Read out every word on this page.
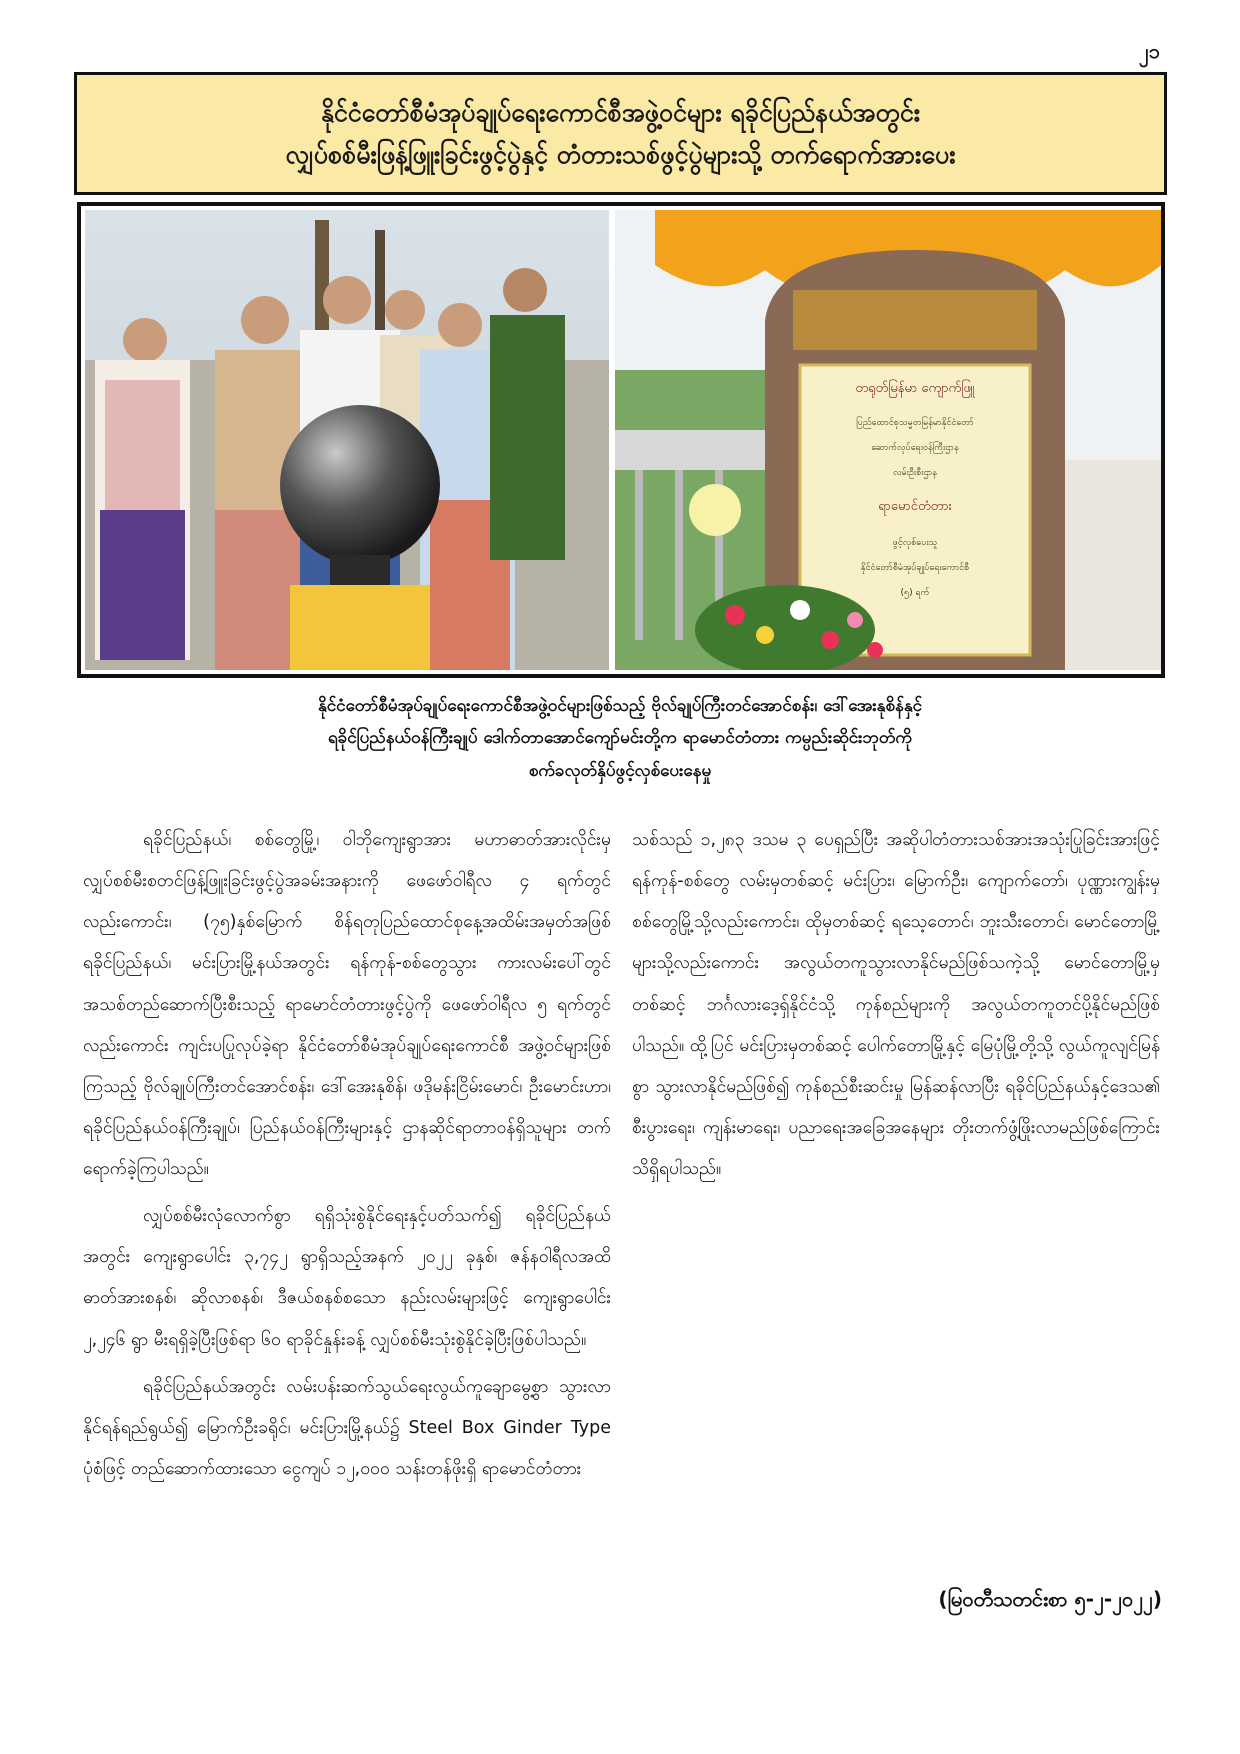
၂၁
နိုင်ငံတော်စီမံအုပ်ချုပ်ရေးကောင်စီအဖွဲ့ဝင်များ ရခိုင်ပြည်နယ်အတွင်း
လျှပ်စစ်မီးဖြန့်ဖြူးခြင်းဖွင့်ပွဲနှင့် တံတားသစ်ဖွင့်ပွဲများသို့ တက်ရောက်အားပေး
တရုတ်မြန်မာ ကျောက်ဖြူ
ပြည်ထောင်စုသမ္မတမြန်မာနိုင်ငံတော်
ဆောက်လုပ်ရေးဝန်ကြီးဌာန
လမ်းဦးစီးဌာန
ရာမောင်တံတား
ဖွင့်လှစ်ပေးသူ
နိုင်ငံတော်စီမံအုပ်ချုပ်ရေးကောင်စီ
(၅) ရက်
နိုင်ငံတော်စီမံအုပ်ချုပ်ရေးကောင်စီအဖွဲ့ဝင်များဖြစ်သည့် ဗိုလ်ချုပ်ကြီးတင်အောင်စန်း၊ ဒေါ်အေးနုစိန်နှင့်
ရခိုင်ပြည်နယ်ဝန်ကြီးချုပ် ဒေါက်တာအောင်ကျော်မင်းတို့က ရာမောင်တံတား ကမ္ပည်းဆိုင်းဘုတ်ကို
စက်ခလုတ်နှိပ်ဖွင့်လှစ်ပေးနေမှု

ရခိုင်ပြည်နယ်၊ စစ်တွေမြို့၊ ဝါဘိုကျေးရွာအား မဟာဓာတ်အားလိုင်းမှ လျှပ်စစ်မီးစတင်ဖြန့်ဖြူးခြင်းဖွင့်ပွဲအခမ်းအနားကို ဖေဖော်ဝါရီလ ၄ ရက်တွင်လည်းကောင်း၊ (၇၅)နှစ်မြောက် စိန်ရတုပြည်ထောင်စုနေ့အထိမ်းအမှတ်အဖြစ် ရခိုင်ပြည်နယ်၊ မင်းပြားမြို့နယ်အတွင်း ရန်ကုန်-စစ်တွေသွား ကားလမ်းပေါ်တွင် အသစ်တည်ဆောက်ပြီးစီးသည့် ရာမောင်တံတားဖွင့်ပွဲကို ဖေဖော်ဝါရီလ ၅ ရက်တွင်လည်းကောင်း ကျင်းပပြုလုပ်ခဲ့ရာ နိုင်ငံတော်စီမံအုပ်ချုပ်ရေးကောင်စီ အဖွဲ့ဝင်များဖြစ်ကြသည့် ဗိုလ်ချုပ်ကြီးတင်အောင်စန်း၊ ဒေါ်အေးနုစိန်၊ ဖဒိုမန်းငြိမ်းမောင်၊ ဦးမောင်းဟာ၊ ရခိုင်ပြည်နယ်ဝန်ကြီးချုပ်၊ ပြည်နယ်ဝန်ကြီးများနှင့် ဌာနဆိုင်ရာတာဝန်ရှိသူများ တက်ရောက်ခဲ့ကြပါသည်။

လျှပ်စစ်မီးလုံလောက်စွာ ရရှိသုံးစွဲနိုင်ရေးနှင့်ပတ်သက်၍ ရခိုင်ပြည်နယ်အတွင်း ကျေးရွာပေါင်း ၃,၇၄၂ ရွာရှိသည့်အနက် ၂၀၂၂ ခုနှစ်၊ ဇန်နဝါရီလအထိ ဓာတ်အားစနစ်၊ ဆိုလာစနစ်၊ ဒီဇယ်စနစ်စသော နည်းလမ်းများဖြင့် ကျေးရွာပေါင်း ၂,၂၄၆ ရွာ မီးရရှိခဲ့ပြီးဖြစ်ရာ ၆၀ ရာခိုင်နှုန်းခန့် လျှပ်စစ်မီးသုံးစွဲနိုင်ခဲ့ပြီးဖြစ်ပါသည်။

ရခိုင်ပြည်နယ်အတွင်း လမ်းပန်းဆက်သွယ်ရေးလွယ်ကူချောမွေ့စွာ သွားလာနိုင်ရန်ရည်ရွယ်၍ မြောက်ဦးခရိုင်၊ မင်းပြားမြို့နယ်၌ Steel Box Ginder Type ပုံစံဖြင့် တည်ဆောက်ထားသော ငွေကျပ် ၁၂,၀၀၀ သန်းတန်ဖိုးရှိ ရာမောင်တံတား

သစ်သည် ၁,၂၈၃ ဒသမ ၃ ပေရှည်ပြီး အဆိုပါတံတားသစ်အားအသုံးပြုခြင်းအားဖြင့် ရန်ကုန်-စစ်တွေ လမ်းမှတစ်ဆင့် မင်းပြား၊ မြောက်ဦး၊ ကျောက်တော်၊ ပုဏ္ဏားကျွန်းမှ စစ်တွေမြို့သို့လည်းကောင်း၊ ထိုမှတစ်ဆင့် ရသေ့တောင်၊ ဘူးသီးတောင်၊ မောင်တောမြို့များသို့လည်းကောင်း အလွယ်တကူသွားလာနိုင်မည်ဖြစ်သကဲ့သို့ မောင်တောမြို့မှတစ်ဆင့် ဘင်္ဂလားဒေ့ရှ်နိုင်ငံသို့ ကုန်စည်များကို အလွယ်တကူတင်ပို့နိုင်မည်ဖြစ်ပါသည်။ ထို့ပြင် မင်းပြားမှတစ်ဆင့် ပေါက်တောမြို့နှင့် မြေပုံမြို့တို့သို့ လွယ်ကူလျင်မြန်စွာ သွားလာနိုင်မည်ဖြစ်၍ ကုန်စည်စီးဆင်းမှု မြန်ဆန်လာပြီး ရခိုင်ပြည်နယ်နှင့်ဒေသ၏ စီးပွားရေး၊ ကျန်းမာရေး၊ ပညာရေးအခြေအနေများ တိုးတက်ဖွံ့ဖြိုးလာမည်ဖြစ်ကြောင်း သိရှိရပါသည်။

(မြဝတီသတင်းစာ ၅-၂-၂၀၂၂)
